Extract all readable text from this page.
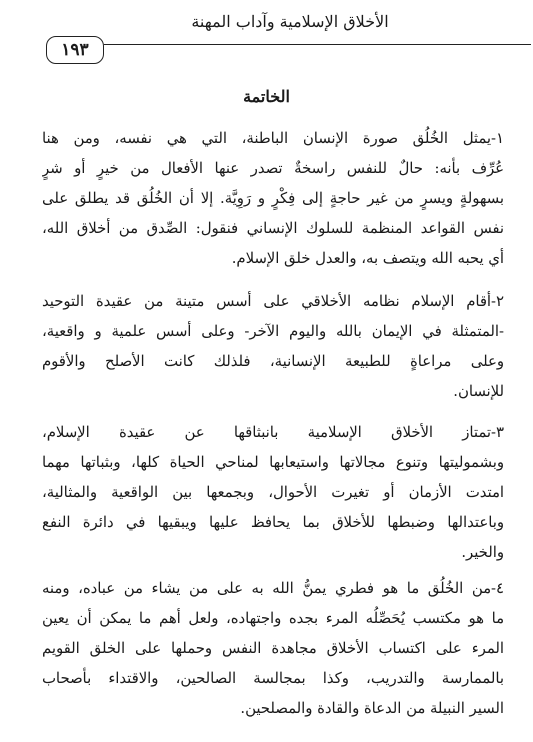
الأخلاق الإسلامية وآداب المهنة
١٩٣
الخاتمة
١-يمثل الخُلُق صورة الإنسان الباطنة، التي هي نفسه، ومن هنا
عُرِّف بأنه: حالٌ للنفس راسخةٌ تصدر عنها الأفعال من خيرٍ أو شرٍ
بسهولةٍ ويسرٍ من غير حاجةٍ إلى فِكْرٍ و رَوِيَّة. إلا أن الخُلُق قد يطلق على
نفس القواعد المنظمة للسلوك الإنساني فنقول: الصِّدق من أخلاق الله،
أي يحبه الله ويتصف به، والعدل خلق الإسلام.
٢-أقام الإسلام نظامه الأخلاقي على أسس متينة من عقيدة التوحيد
-المتمثلة في الإيمان بالله واليوم الآخر- وعلى أسس علمية و واقعية،
وعلى مراعاةٍ للطبيعة الإنسانية، فلذلك كانت الأصلح والأقوم
للإنسان.
٣-تمتاز الأخلاق الإسلامية بانبثاقها عن عقيدة الإسلام،
وبشموليتها وتنوع مجالاتها واستيعابها لمناحي الحياة كلها، وبثباتها مهما
امتدت الأزمان أو تغيرت الأحوال، وبجمعها بين الواقعية والمثالية،
وباعتدالها وضبطها للأخلاق بما يحافظ عليها ويبقيها في دائرة النفع
والخير.
٤-من الخُلُق ما هو فطري يمنُّ الله به على من يشاء من عباده، ومنه
ما هو مكتسب يُحَصِّلُه المرء بجده واجتهاده، ولعل أهم ما يمكن أن يعين
المرء على اكتساب الأخلاق مجاهدة النفس وحملها على الخلق القويم
بالممارسة والتدريب، وكذا بمجالسة الصالحين، والاقتداء بأصحاب
السير النبيلة من الدعاة والقادة والمصلحين.
